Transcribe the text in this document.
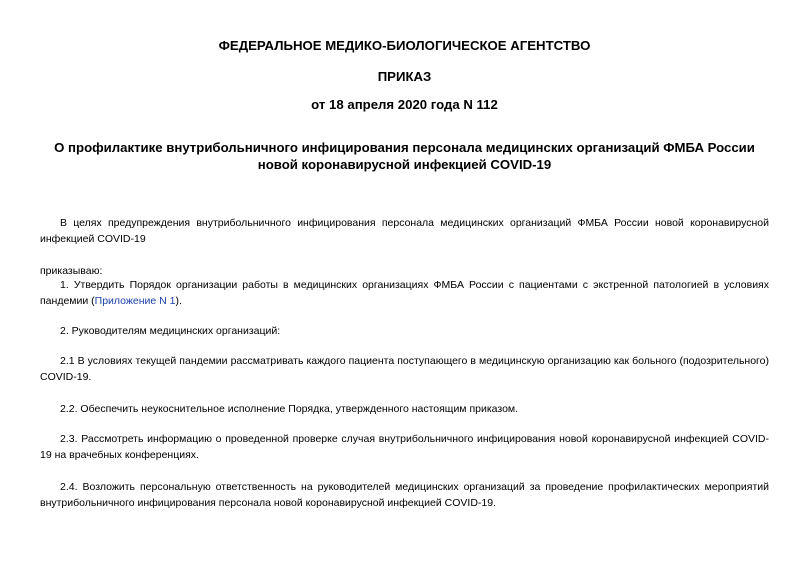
ФЕДЕРАЛЬНОЕ МЕДИКО-БИОЛОГИЧЕСКОЕ АГЕНТСТВО

ПРИКАЗ

от 18 апреля 2020 года N 112

О профилактике внутрибольничного инфицирования персонала медицинских организаций ФМБА России
новой коронавирусной инфекцией COVID-19

В целях предупреждения внутрибольничного инфицирования персонала медицинских организаций ФМБА России новой коронавирусной инфекцией COVID-19

приказываю:

1. Утвердить Порядок организации работы в медицинских организациях ФМБА России с пациентами с экстренной патологией в условиях пандемии (Приложение N 1).

2. Руководителям медицинских организаций:

2.1 В условиях текущей пандемии рассматривать каждого пациента поступающего в медицинскую организацию как больного (подозрительного) COVID-19.

2.2. Обеспечить неукоснительное исполнение Порядка, утвержденного настоящим приказом.

2.3. Рассмотреть информацию о проведенной проверке случая внутрибольничного инфицирования новой коронавирусной инфекцией COVID-19 на врачебных конференциях.

2.4. Возложить персональную ответственность на руководителей медицинских организаций за проведение профилактических мероприятий внутрибольничного инфицирования персонала новой коронавирусной инфекцией COVID-19.
